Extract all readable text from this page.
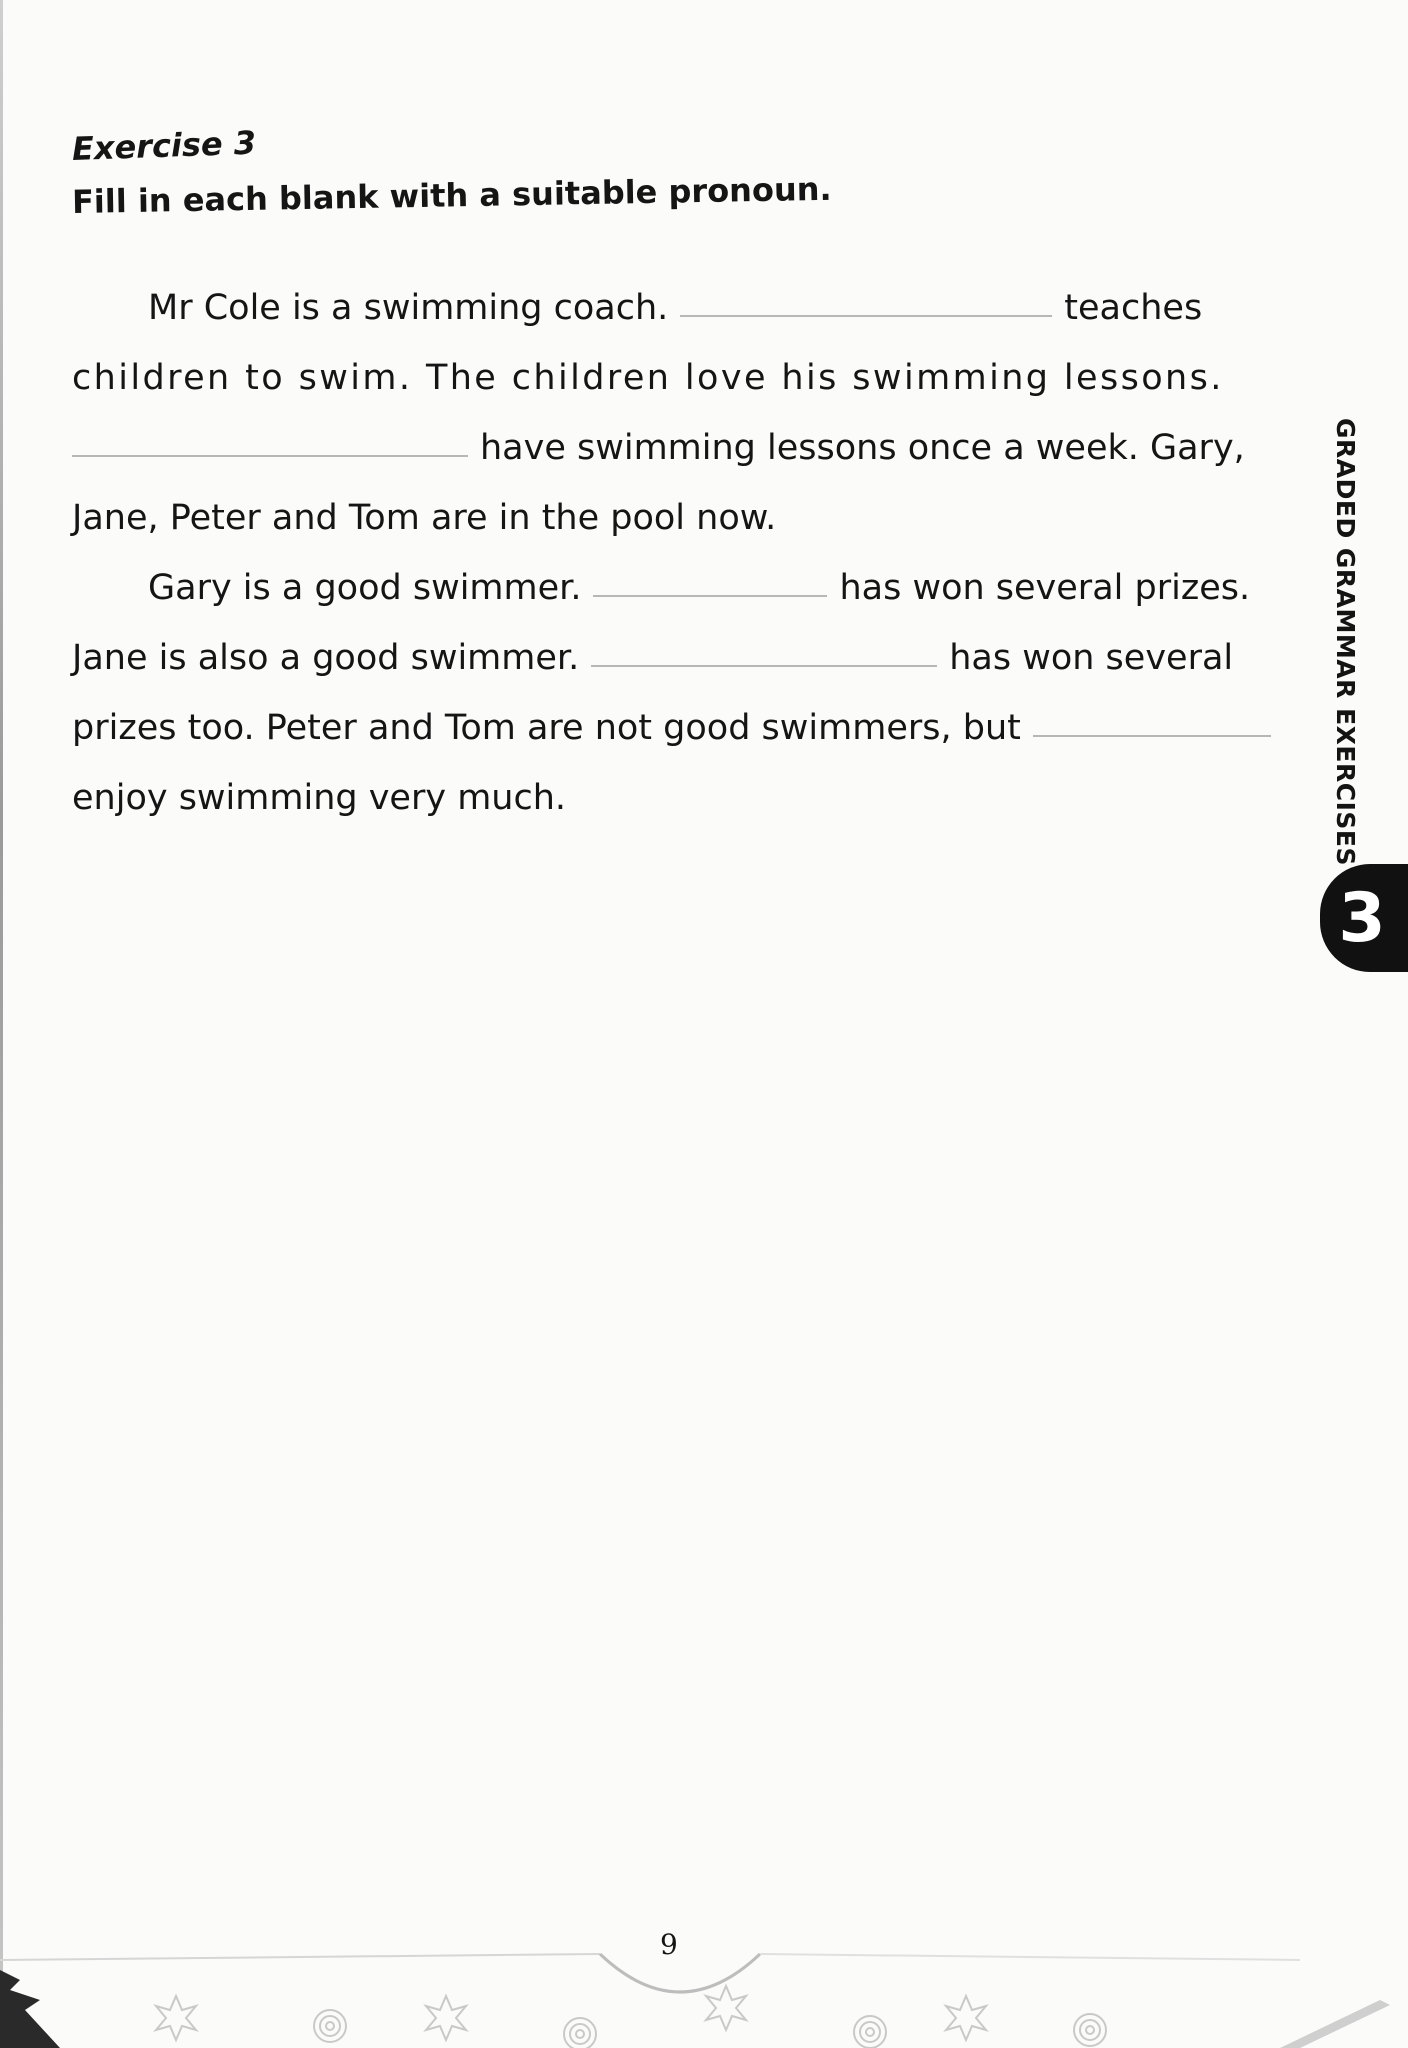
Exercise 3
Fill in each blank with a suitable pronoun.
Mr Cole is a swimming coach.	teaches
children to swim. The children love his swimming lessons.
have swimming lessons once a week. Gary,
Jane, Peter and Tom are in the pool now.
Gary is a good swimmer.	has won several prizes.
Jane is also a good swimmer.	has won several
prizes too. Peter and Tom are not good swimmers, but
enjoy swimming very much.	GRADED GRAMMAR EXERCISES
3
9
